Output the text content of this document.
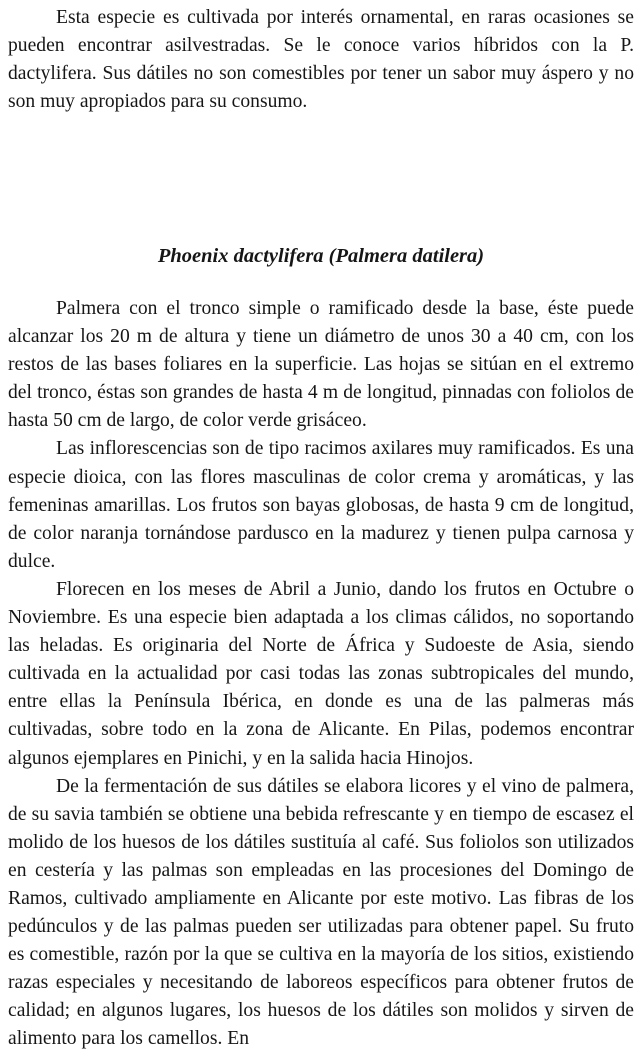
Esta especie es cultivada por interés ornamental, en raras ocasiones se pueden encontrar asilvestradas. Se le conoce varios híbridos con la P. dactylifera. Sus dátiles no son comestibles por tener un sabor muy áspero y no son muy apropiados para su consumo.

Phoenix dactylifera (Palmera datilera)

Palmera con el tronco simple o ramificado desde la base, éste puede alcanzar los 20 m de altura y tiene un diámetro de unos 30 a 40 cm, con los restos de las bases foliares en la superficie. Las hojas se sitúan en el extremo del tronco, éstas son grandes de hasta 4 m de longitud, pinnadas con foliolos de hasta 50 cm de largo, de color verde grisáceo.

Las inflorescencias son de tipo racimos axilares muy ramificados. Es una especie dioica, con las flores masculinas de color crema y aromáticas, y las femeninas amarillas. Los frutos son bayas globosas, de hasta 9 cm de longitud, de color naranja tornándose parduscо en la madurez y tienen pulpa carnosa y dulce.

Florecen en los meses de Abril a Junio, dando los frutos en Octubre o Noviembre. Es una especie bien adaptada a los climas cálidos, no soportando las heladas. Es originaria del Norte de África y Sudoeste de Asia, siendo cultivada en la actualidad por casi todas las zonas subtropicales del mundo, entre ellas la Península Ibérica, en donde es una de las palmeras más cultivadas, sobre todo en la zona de Alicante. En Pilas, podemos encontrar algunos ejemplares en Pinichi, y en la salida hacia Hinojos.

De la fermentación de sus dátiles se elabora licores y el vino de palmera, de su savia también se obtiene una bebida refrescante y en tiempo de escasez el molido de los huesos de los dátiles sustituía al café. Sus foliolos son utilizados en cestería y las palmas son empleadas en las procesiones del Domingo de Ramos, cultivado ampliamente en Alicante por este motivo. Las fibras de los pedúnculos y de las palmas pueden ser utilizadas para obtener papel. Su fruto es comestible, razón por la que se cultiva en la mayoría de los sitios, existiendo razas especiales y necesitando de laboreos específicos para obtener frutos de calidad; en algunos lugares, los huesos de los dátiles son molidos y sirven de alimento para los camellos. En
